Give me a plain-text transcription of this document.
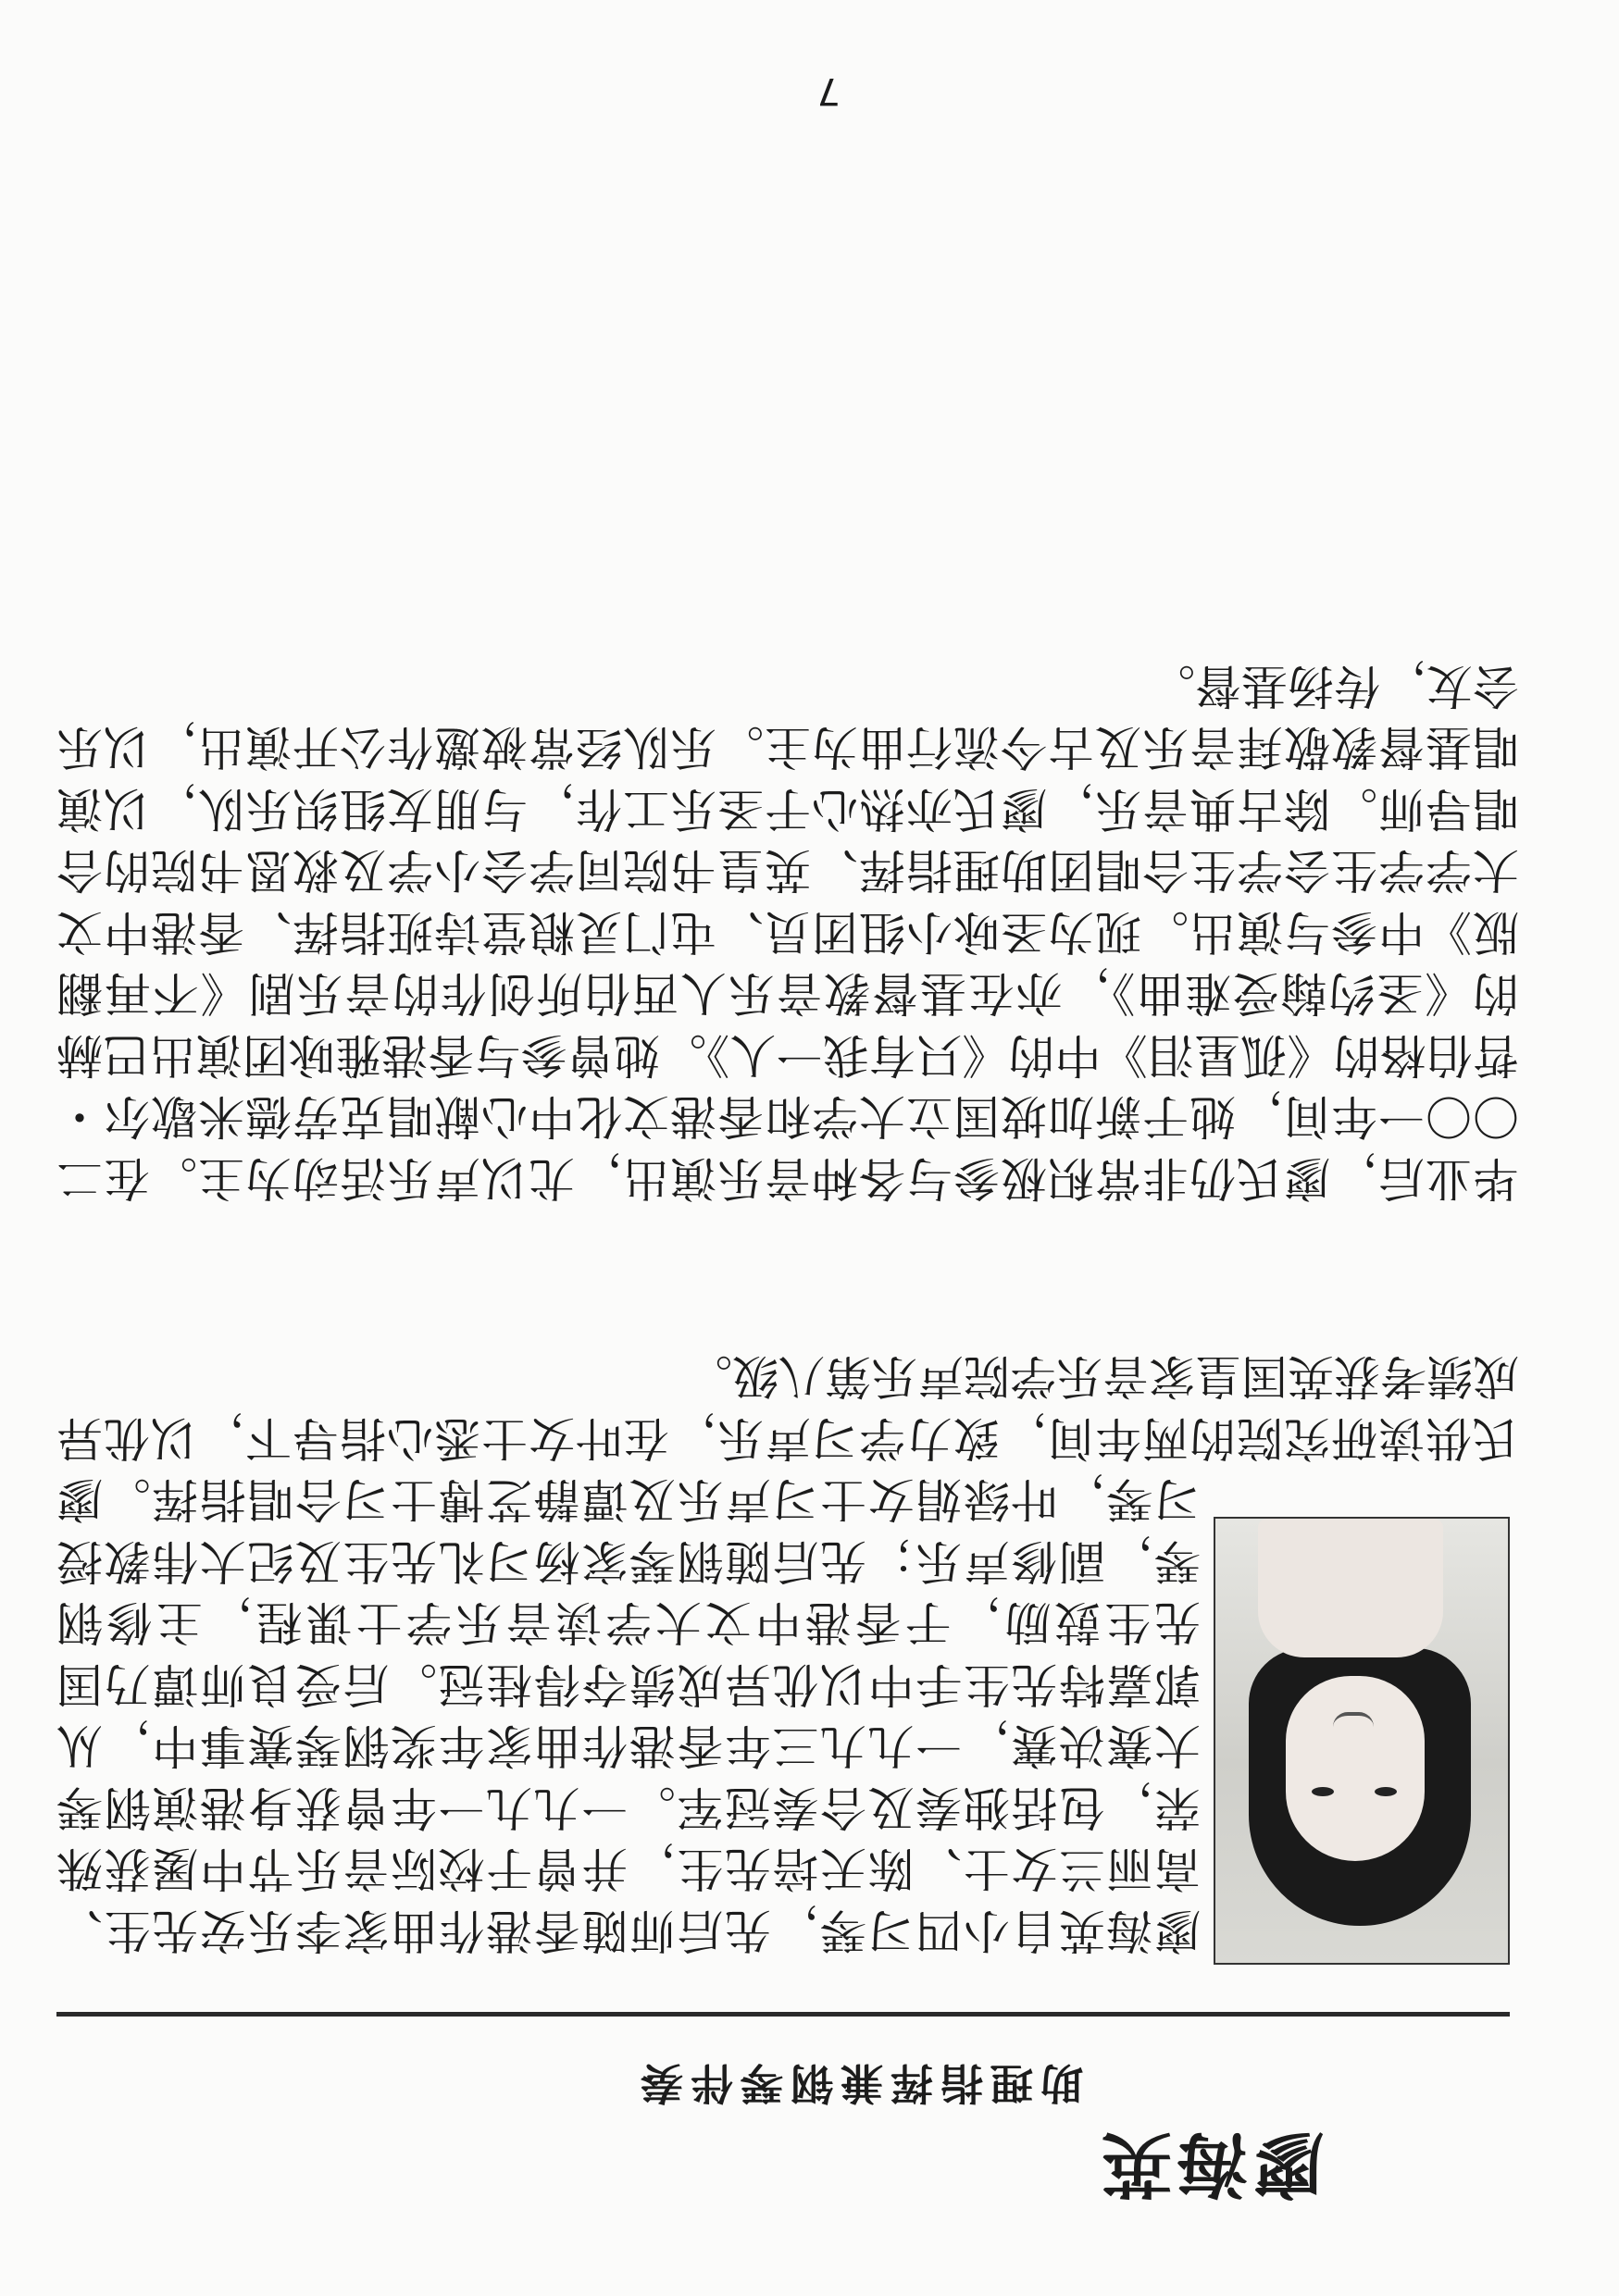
廖海英
助理指挥兼钢琴伴奏
廖海英自小四习琴，先后师随香港作曲家李乐安先生、高丽兰女士、陈天培先生，并曾于校际音乐节中屡获殊荣，包括独奏及合奏冠军。一九九一年曾获身港演钢琴大赛决赛，一九九三年香港作曲家年奖钢琴赛事中，从郭嘉特先生手中以优异成绩夺得桂冠。后受良师谭乃国先生鼓励，于香港中文大学读音乐学士课程，主修钢琴，副修声乐；先后随钢琴家杨习礼先生及纪大伟教授习琴，叶绿娟女士习声乐及谭静芝博士习合唱指挥。廖氏供读研究院的两年间，致力学习声乐，在叶女士悉心指导下，以优异成绩考获英国皇家音乐学院声乐第八级。

毕业后，廖氏仍非常积极参与各种音乐演出，尤以声乐活动为主。在二〇〇一年间，她于新加坡国立大学和香港文化中心献唱克劳德米歇尔・哲伯格的《孤星泪》中的《只有我一人》。她曾参与香港雅咏团演出巴赫的《圣约翰受难曲》，亦在基督教音乐人西伯所创作的音乐剧《不再翻版》中参与演出。现为圣咏小组团员、屯门灵粮堂诗班指挥、香港中文大学学生会学生合唱团助理指挥、英皇书院同学会小学及救恩书院的合唱导师。除古典音乐，廖氏亦热心于圣乐工作，与朋友组织乐队，以演唱基督教敬拜音乐及古今流行曲为主。乐队经常被邀作公开演出，以乐会友，传扬基督。

7
